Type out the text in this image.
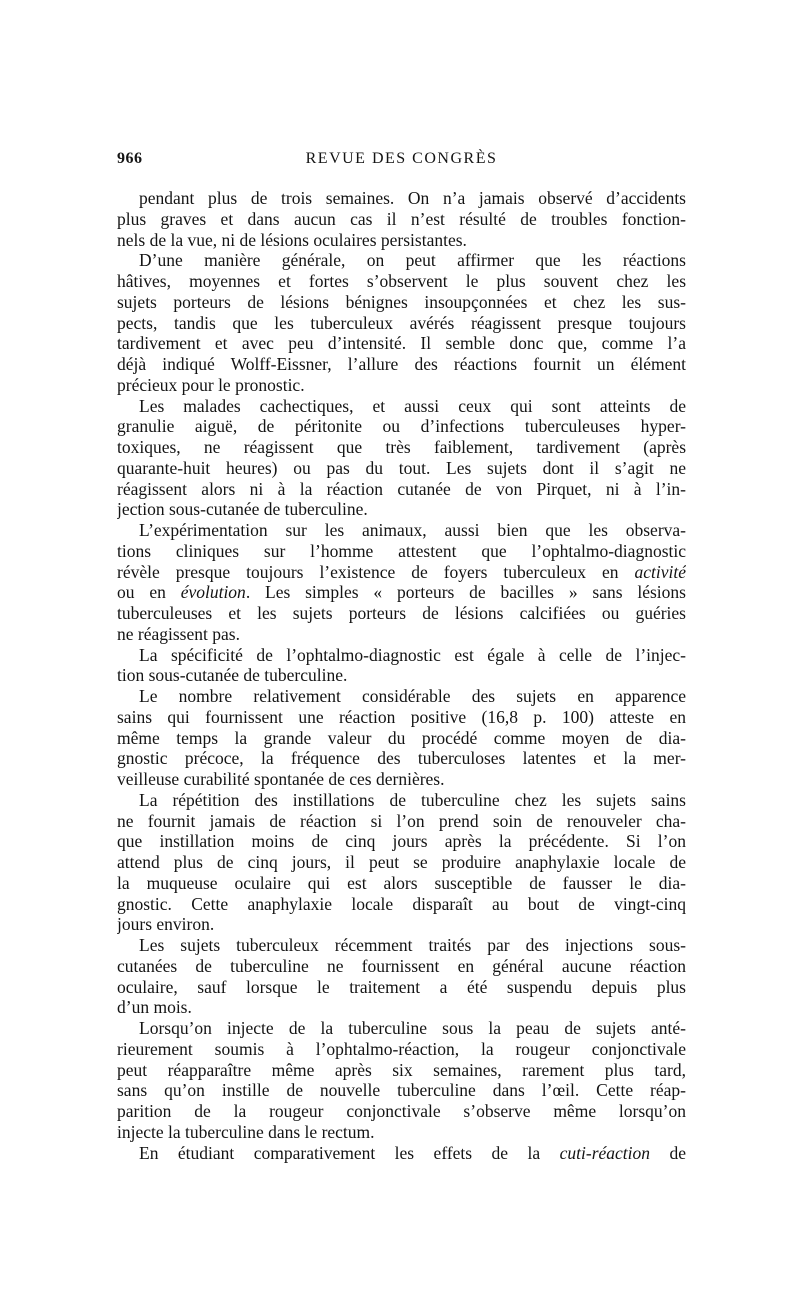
966	REVUE DES CONGRÈS
pendant plus de trois semaines. On n’a jamais observé d’accidents
plus graves et dans aucun cas il n’est résulté de troubles fonction-
nels de la vue, ni de lésions oculaires persistantes.
D’une manière générale, on peut affirmer que les réactions
hâtives, moyennes et fortes s’observent le plus souvent chez les
sujets porteurs de lésions bénignes insoupçonnées et chez les sus-
pects, tandis que les tuberculeux avérés réagissent presque toujours
tardivement et avec peu d’intensité. Il semble donc que, comme l’a
déjà indiqué Wolff-Eissner, l’allure des réactions fournit un élément
précieux pour le pronostic.
Les malades cachectiques, et aussi ceux qui sont atteints de
granulie aiguë, de péritonite ou d’infections tuberculeuses hyper-
toxiques, ne réagissent que très faiblement, tardivement (après
quarante-huit heures) ou pas du tout. Les sujets dont il s’agit ne
réagissent alors ni à la réaction cutanée de von Pirquet, ni à l’in-
jection sous-cutanée de tuberculine.
L’expérimentation sur les animaux, aussi bien que les observa-
tions cliniques sur l’homme attestent que l’ophtalmo-diagnostic
révèle presque toujours l’existence de foyers tuberculeux en activité
ou en évolution. Les simples « porteurs de bacilles » sans lésions
tuberculeuses et les sujets porteurs de lésions calcifiées ou guéries
ne réagissent pas.
La spécificité de l’ophtalmo-diagnostic est égale à celle de l’injec-
tion sous-cutanée de tuberculine.
Le nombre relativement considérable des sujets en apparence
sains qui fournissent une réaction positive (16,8 p. 100) atteste en
même temps la grande valeur du procédé comme moyen de dia-
gnostic précoce, la fréquence des tuberculoses latentes et la mer-
veilleuse curabilité spontanée de ces dernières.
La répétition des instillations de tuberculine chez les sujets sains
ne fournit jamais de réaction si l’on prend soin de renouveler cha-
que instillation moins de cinq jours après la précédente. Si l’on
attend plus de cinq jours, il peut se produire anaphylaxie locale de
la muqueuse oculaire qui est alors susceptible de fausser le dia-
gnostic. Cette anaphylaxie locale disparaît au bout de vingt-cinq
jours environ.
Les sujets tuberculeux récemment traités par des injections sous-
cutanées de tuberculine ne fournissent en général aucune réaction
oculaire, sauf lorsque le traitement a été suspendu depuis plus
d’un mois.
Lorsqu’on injecte de la tuberculine sous la peau de sujets anté-
rieurement soumis à l’ophtalmo-réaction, la rougeur conjonctivale
peut réapparaître même après six semaines, rarement plus tard,
sans qu’on instille de nouvelle tuberculine dans l’œil. Cette réap-
parition de la rougeur conjonctivale s’observe même lorsqu’on
injecte la tuberculine dans le rectum.
En étudiant comparativement les effets de la cuti-réaction de
